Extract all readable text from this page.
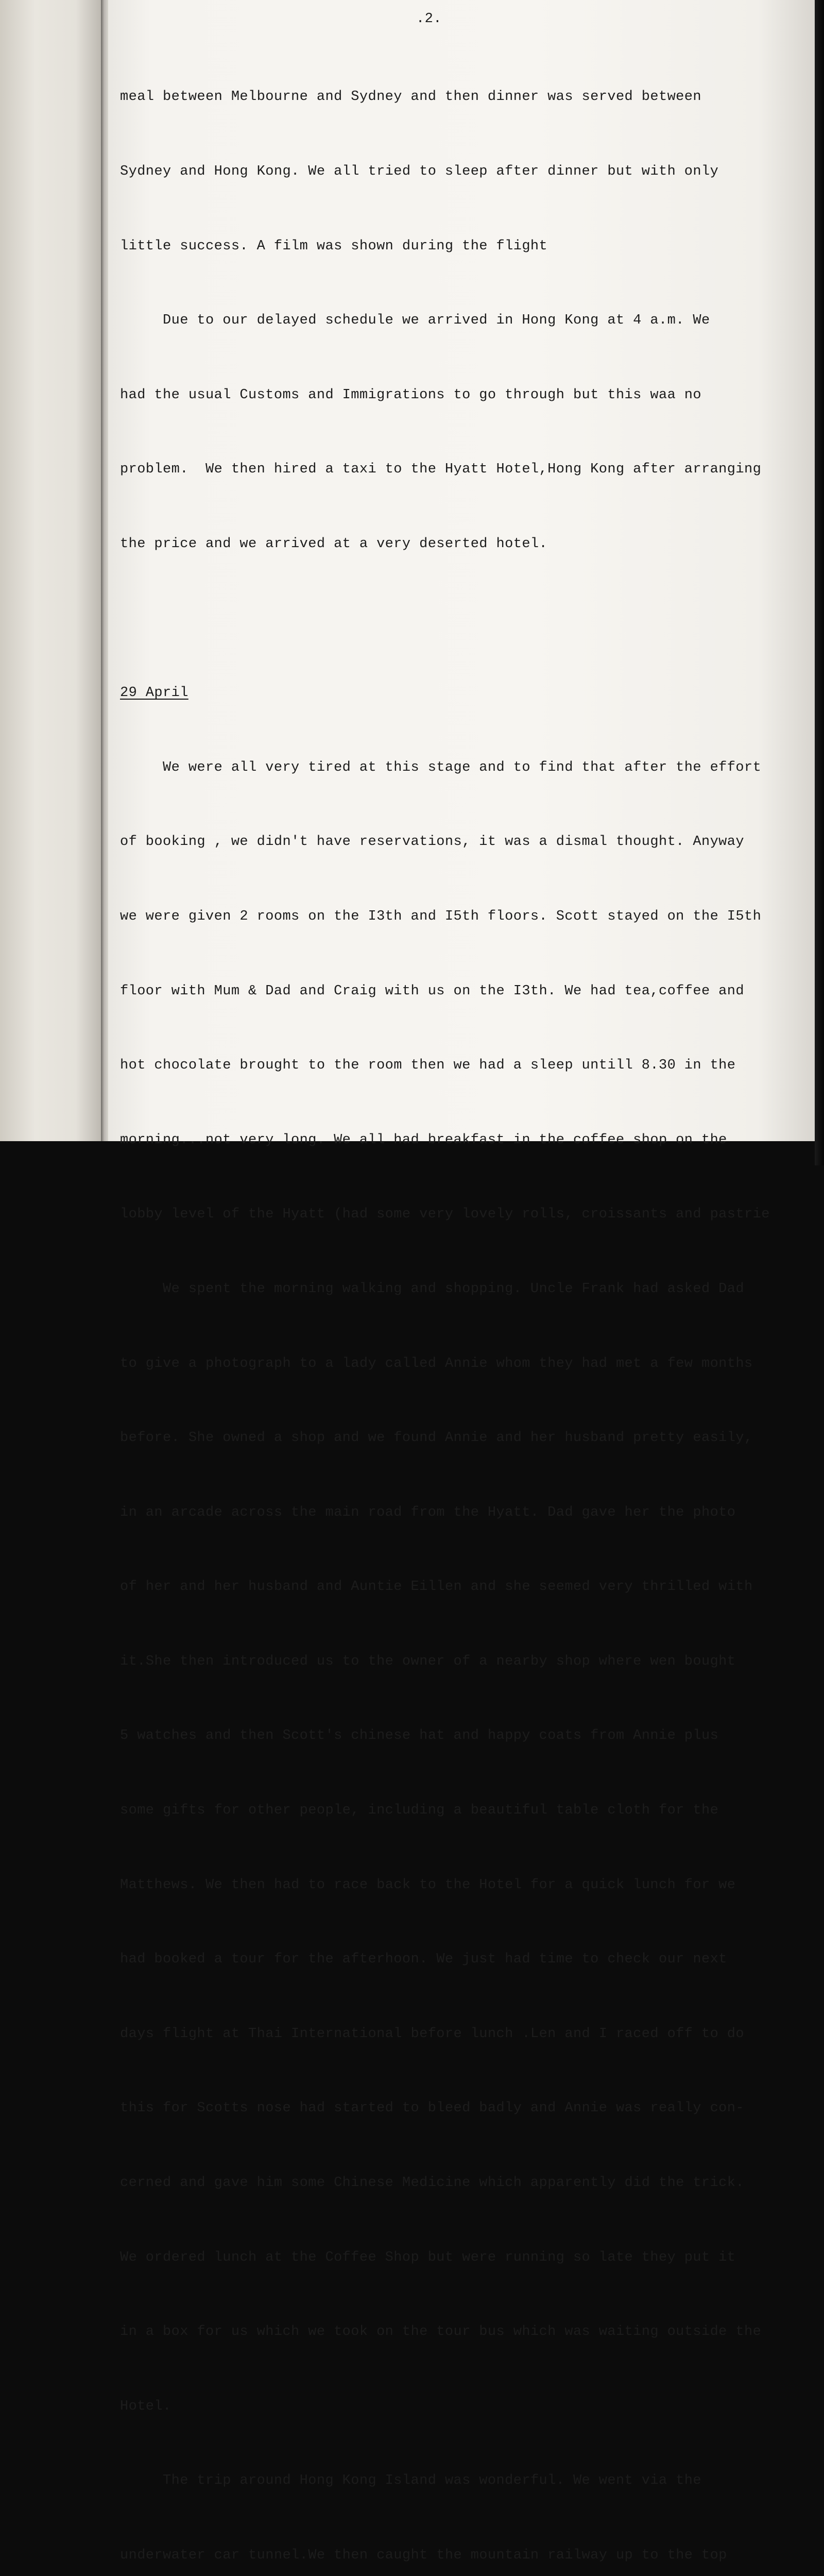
.2.

meal between Melbourne and Sydney and then dinner was served between

Sydney and Hong Kong. We all tried to sleep after dinner but with only

little success. A film was shown during the flight

Due to our delayed schedule we arrived in Hong Kong at 4 a.m. We

had the usual Customs and Immigrations to go through but this waa no

problem.  We then hired a taxi to the Hyatt Hotel,Hong Kong after arranging

the price and we arrived at a very deserted hotel.

29 April

We were all very tired at this stage and to find that after the effort

of booking , we didn't have reservations, it was a dismal thought. Anyway

we were given 2 rooms on the I3th and I5th floors. Scott stayed on the I5th

floor with Mum & Dad and Craig with us on the I3th. We had tea,coffee and

hot chocolate brought to the room then we had a sleep untill 8.30 in the

morning...not very long. We all had breakfast in the coffee shop on the

lobby level of the Hyatt (had some very lovely rolls, croissants and pastrie

We spent the morning walking and shopping. Uncle Frank had asked Dad

to give a photograph to a lady called Annie whom they had met a few months

before. She owned a shop and we found Annie and her husband pretty easily,

in an arcade across the main road from the Hyatt. Dad gave her the photo

of her and her husband and Auntie Eillen and she seemed very thrilled with

it.She then introduced us to the owner of a nearby shop where wen bought

5 watches and then Scott's chinese hat and happy coats from Annie plus

some gifts for other people, including a beautiful table cloth for the

Matthews. We then had to race back to the Hotel for a quick lunch for we

had booked a tour for the afterhoon. We just had time to check our next

days flight at Thai International before lunch .Len and I raced off to do

this for Scotts nose had started to bleed badly and Annie was really con-

cerned and gave him some Chinese Medicine which apparently did the trick.

We ordered lunch at the Coffee Shop but were running so late they put it

in a box for us which we took on the tour bus which was waiting outside the

Hotel.

The trip around Hong Kong Island was wonderful. We went via the

underwater car tunnel.We then caught the mountain railway up to the top
